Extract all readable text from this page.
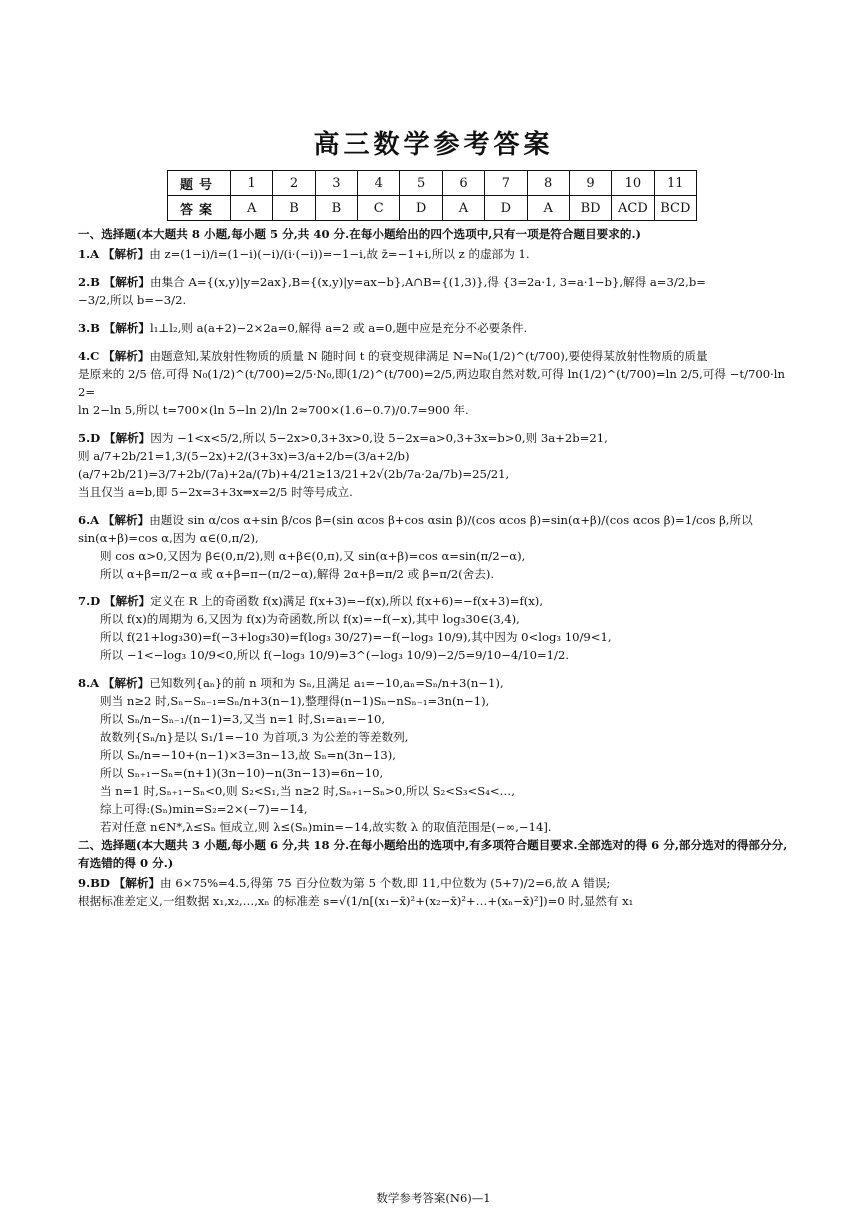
高三数学参考答案
题号	1	2	3	4	5	6	7	8	9	10	11
答案	A	B	B	C	D	A	D	A	BD	ACD	BCD

一、选择题(本大题共 8 小题,每小题 5 分,共 40 分.在每小题给出的四个选项中,只有一项是符合题目要求的.)

1.A 【解析】由 z=(1−i)/i=(1−i)(−i)/(i·(−i))=−1−i,故 z̄=−1+i,所以 z 的虚部为 1.

2.B 【解析】由集合 A={(x,y)|y=2ax},B={(x,y)|y=ax−b},A∩B={(1,3)},得 {3=2a·1, 3=a·1−b},解得 a=3/2,b=

−3/2,所以 b=−3/2.

3.B 【解析】l₁⊥l₂,则 a(a+2)−2×2a=0,解得 a=2 或 a=0,题中应是充分不必要条件.

4.C 【解析】由题意知,某放射性物质的质量 N 随时间 t 的衰变规律满足 N=N₀(1/2)^(t/700),要使得某放射性物质的质量

是原来的 2/5 倍,可得 N₀(1/2)^(t/700)=2/5·N₀,即(1/2)^(t/700)=2/5,两边取自然对数,可得 ln(1/2)^(t/700)=ln 2/5,可得 −t/700·ln 2=

ln 2−ln 5,所以 t=700×(ln 5−ln 2)/ln 2≈700×(1.6−0.7)/0.7=900 年.

5.D 【解析】因为 −1<x<5/2,所以 5−2x>0,3+3x>0,设 5−2x=a>0,3+3x=b>0,则 3a+2b=21,

则 a/7+2b/21=1,3/(5−2x)+2/(3+3x)=3/a+2/b=(3/a+2/b)(a/7+2b/21)=3/7+2b/(7a)+2a/(7b)+4/21≥13/21+2√(2b/7a·2a/7b)=25/21,

当且仅当 a=b,即 5−2x=3+3x⇒x=2/5 时等号成立.

6.A 【解析】由题设 sin α/cos α+sin β/cos β=(sin αcos β+cos αsin β)/(cos αcos β)=sin(α+β)/(cos αcos β)=1/cos β,所以 sin(α+β)=cos α,因为 α∈(0,π/2),

则 cos α>0,又因为 β∈(0,π/2),则 α+β∈(0,π),又 sin(α+β)=cos α=sin(π/2−α),

所以 α+β=π/2−α 或 α+β=π−(π/2−α),解得 2α+β=π/2 或 β=π/2(舍去).

7.D 【解析】定义在 R 上的奇函数 f(x)满足 f(x+3)=−f(x),所以 f(x+6)=−f(x+3)=f(x),

所以 f(x)的周期为 6,又因为 f(x)为奇函数,所以 f(x)=−f(−x),其中 log₃30∈(3,4),

所以 f(21+log₃30)=f(−3+log₃30)=f(log₃ 30/27)=−f(−log₃ 10/9),其中因为 0<log₃ 10/9<1,

所以 −1<−log₃ 10/9<0,所以 f(−log₃ 10/9)=3^(−log₃ 10/9)−2/5=9/10−4/10=1/2.

8.A 【解析】已知数列{aₙ}的前 n 项和为 Sₙ,且满足 a₁=−10,aₙ=Sₙ/n+3(n−1),

则当 n≥2 时,Sₙ−Sₙ₋₁=Sₙ/n+3(n−1),整理得(n−1)Sₙ−nSₙ₋₁=3n(n−1),

所以 Sₙ/n−Sₙ₋₁/(n−1)=3,又当 n=1 时,S₁=a₁=−10,

故数列{Sₙ/n}是以 S₁/1=−10 为首项,3 为公差的等差数列,

所以 Sₙ/n=−10+(n−1)×3=3n−13,故 Sₙ=n(3n−13),

所以 Sₙ₊₁−Sₙ=(n+1)(3n−10)−n(3n−13)=6n−10,

当 n=1 时,Sₙ₊₁−Sₙ<0,则 S₂<S₁,当 n≥2 时,Sₙ₊₁−Sₙ>0,所以 S₂<S₃<S₄<…,

综上可得:(Sₙ)min=S₂=2×(−7)=−14,

若对任意 n∈N*,λ≤Sₙ 恒成立,则 λ≤(Sₙ)min=−14,故实数 λ 的取值范围是(−∞,−14].

二、选择题(本大题共 3 小题,每小题 6 分,共 18 分.在每小题给出的选项中,有多项符合题目要求.全部选对的得 6 分,部分选对的得部分分,有选错的得 0 分.)

9.BD 【解析】由 6×75%=4.5,得第 75 百分位数为第 5 个数,即 11,中位数为 (5+7)/2=6,故 A 错误;

根据标准差定义,一组数据 x₁,x₂,…,xₙ 的标准差 s=√(1/n[(x₁−x̄)²+(x₂−x̄)²+…+(xₙ−x̄)²])=0 时,显然有 x₁

数学参考答案(N6)—1
